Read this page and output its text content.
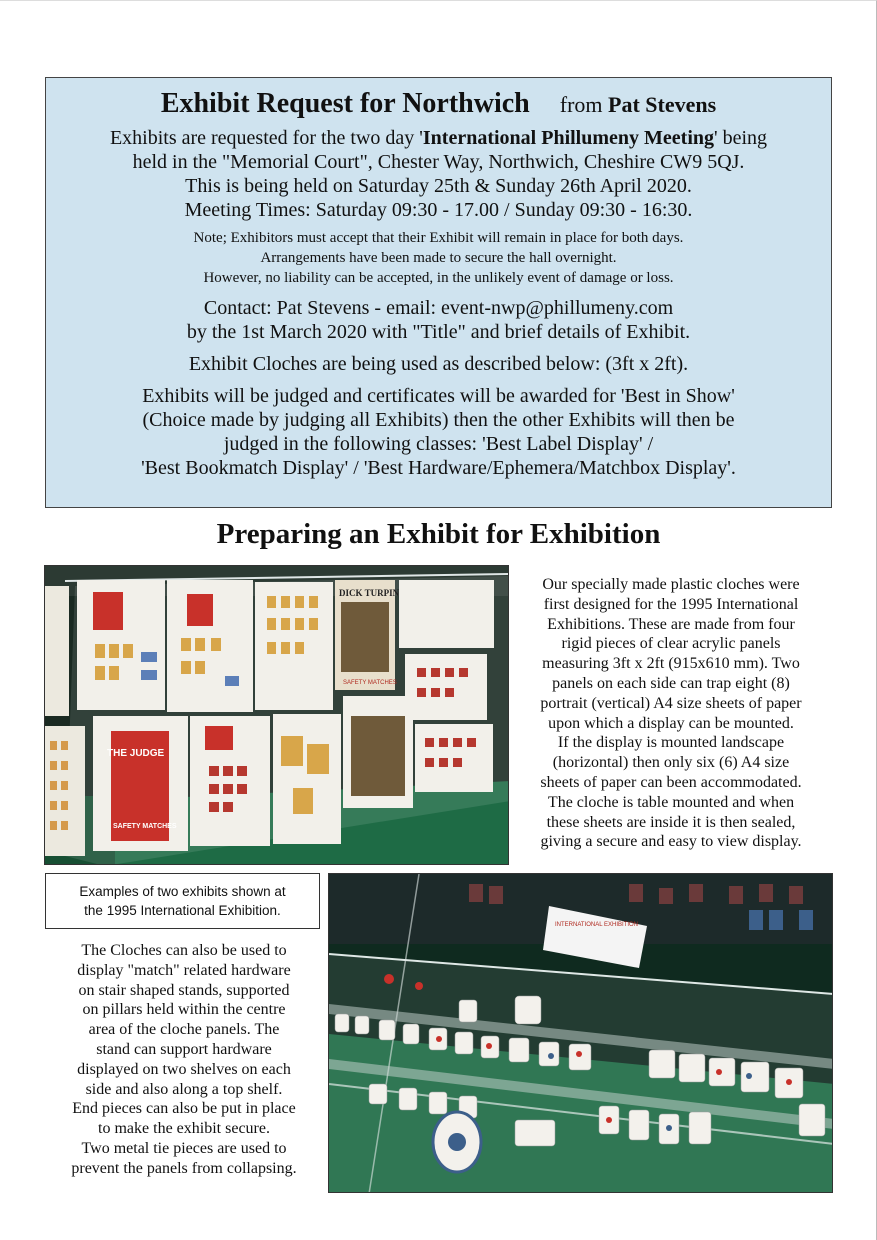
Exhibit Request for Northwich from Pat Stevens

Exhibits are requested for the two day 'International Phillumeny Meeting' being

held in the "Memorial Court", Chester Way, Northwich, Cheshire CW9 5QJ.

This is being held on Saturday 25th & Sunday 26th April 2020.

Meeting Times: Saturday 09:30 - 17.00 / Sunday 09:30 - 16:30.

Note; Exhibitors must accept that their Exhibit will remain in place for both days.

Arrangements have been made to secure the hall overnight.

However, no liability can be accepted, in the unlikely event of damage or loss.

Contact: Pat Stevens - email: event-nwp@phillumeny.com

by the 1st March 2020 with "Title" and brief details of Exhibit.

Exhibit Cloches are being used as described below: (3ft x 2ft).

Exhibits will be judged and certificates will be awarded for 'Best in Show'

(Choice made by judging all Exhibits) then the other Exhibits will then be

judged in the following classes: 'Best Label Display' /

'Best Bookmatch Display' / 'Best Hardware/Ephemera/Matchbox Display'.

Preparing an Exhibit for Exhibition
THE JUDGE
SAFETY MATCHES
DICK TURPIN
SAFETY MATCHES
Our specially made plastic cloches were
first designed for the 1995 International
Exhibitions. These are made from four
rigid pieces of clear acrylic panels
measuring 3ft x 2ft (915x610 mm). Two
panels on each side can trap eight (8)
portrait (vertical) A4 size sheets of paper
upon which a display can be mounted.
If the display is mounted landscape
(horizontal) then only six (6) A4 size
sheets of paper can been accommodated.
The cloche is table mounted and when
these sheets are inside it is then sealed,
giving a secure and easy to view display.
Examples of two exhibits shown at
the 1995 International Exhibition.
The Cloches can also be used to
display "match" related hardware
on stair shaped stands, supported
on pillars held within the centre
area of the cloche panels. The
stand can support hardware
displayed on two shelves on each
side and also along a top shelf.
End pieces can also be put in place
to make the exhibit secure.
Two metal tie pieces are used to
prevent the panels from collapsing.
INTERNATIONAL EXHIBITION
